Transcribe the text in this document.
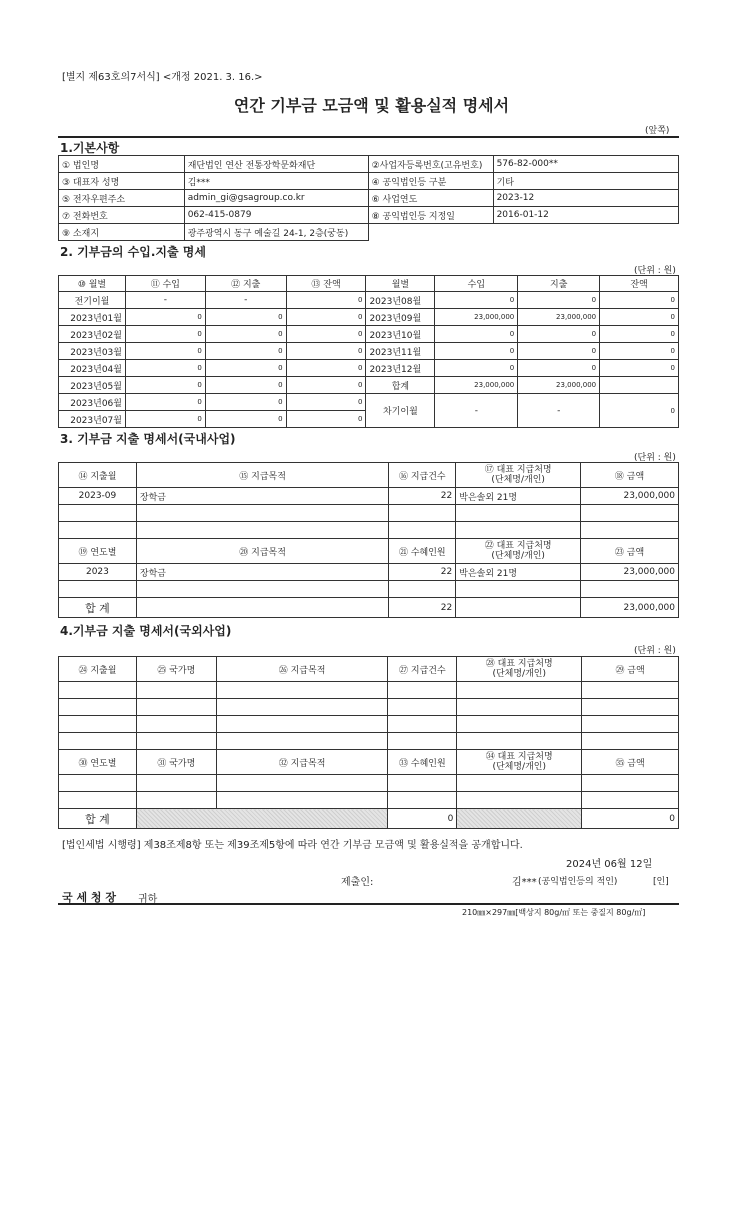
[별지 제63호의7서식] <개정 2021. 3. 16.>
연간 기부금 모금액 및 활용실적 명세서
(앞쪽)
1.기본사항
① 법인명	재단법인 연산 전통장학문화재단	②사업자등록번호(고유번호)	576-82-000**
③ 대표자 성명	김***	④ 공익법인등 구분	기타
⑤ 전자우편주소	admin_gi@gsagroup.co.kr	⑥ 사업연도	2023-12
⑦ 전화번호	062-415-0879	⑧ 공익법인등 지정일	2016-01-12
⑨ 소재지	광주광역시 동구 예술길 24-1, 2층(궁동)		
2. 기부금의 수입.지출 명세
(단위 : 원)
⑩ 월별	⑪ 수입	⑫ 지출	⑬ 잔액	월별	수입	지출	잔액
전기이월	-	-	0	2023년08월	0	0	0
2023년01월	0	0	0	2023년09월	23,000,000	23,000,000	0
2023년02월	0	0	0	2023년10월	0	0	0
2023년03월	0	0	0	2023년11월	0	0	0
2023년04월	0	0	0	2023년12월	0	0	0
2023년05월	0	0	0	합계	23,000,000	23,000,000	
2023년06월	0	0	0	차기이월	-	-	0
2023년07월	0	0	0				
3. 기부금 지출 명세서(국내사업)
(단위 : 원)
⑭ 지출월	⑮ 지급목적	⑯ 지급건수	⑰ 대표 지급처명
(단체명/개인)	⑱ 금액
2023-09	장학금	22	박은솔외 21명	23,000,000

⑲ 연도별	⑳ 지급목적	㉑ 수혜인원	㉒ 대표 지급처명
(단체명/개인)	㉓ 금액
2023	장학금	22	박은솔외 21명	23,000,000

합 계		22		23,000,000
4.기부금 지출 명세서(국외사업)
(단위 : 원)
㉔ 지출월	㉕ 국가명	㉖ 지급목적	㉗ 지급건수	㉘ 대표 지급처명
(단체명/개인)	㉙ 금액

㉚ 연도별	㉛ 국가명	㉜ 지급목적	㉝ 수혜인원	㉞ 대표 지급처명
(단체명/개인)	㉟ 금액

합 계			0		0
[법인세법 시행령] 제38조제8항 또는 제39조제5항에 따라 연간 기부금 모금액 및 활용실적을 공개합니다.
2024년 06월 12일
제출인:	김*** (공익법인등의 적인)	[인]
국 세 청 장 귀하
210㎜×297㎜[백상지 80g/㎡ 또는 중질지 80g/㎡]
